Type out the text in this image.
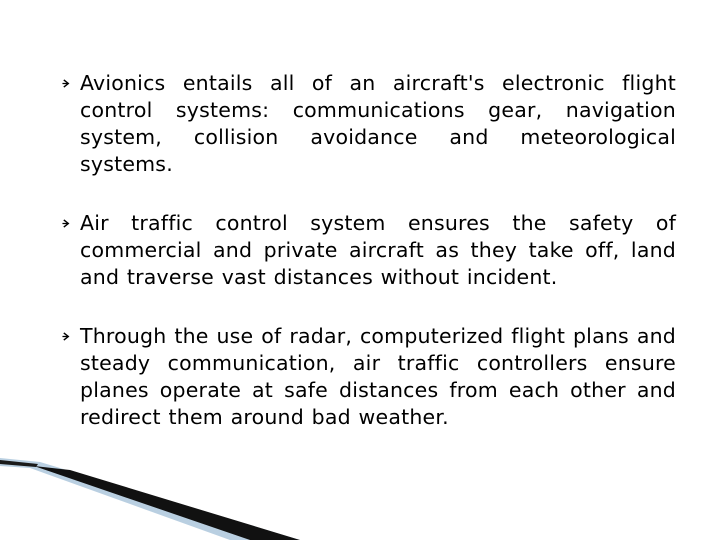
Avionics entails all of an aircraft's electronic flight control systems: communications gear, navigation system, collision avoidance and meteorological systems.
Air traffic control system ensures the safety of commercial and private aircraft as they take off, land and traverse vast distances without incident.
Through the use of radar, computerized flight plans and steady communication, air traffic controllers ensure planes operate at safe distances from each other and redirect them around bad weather.
